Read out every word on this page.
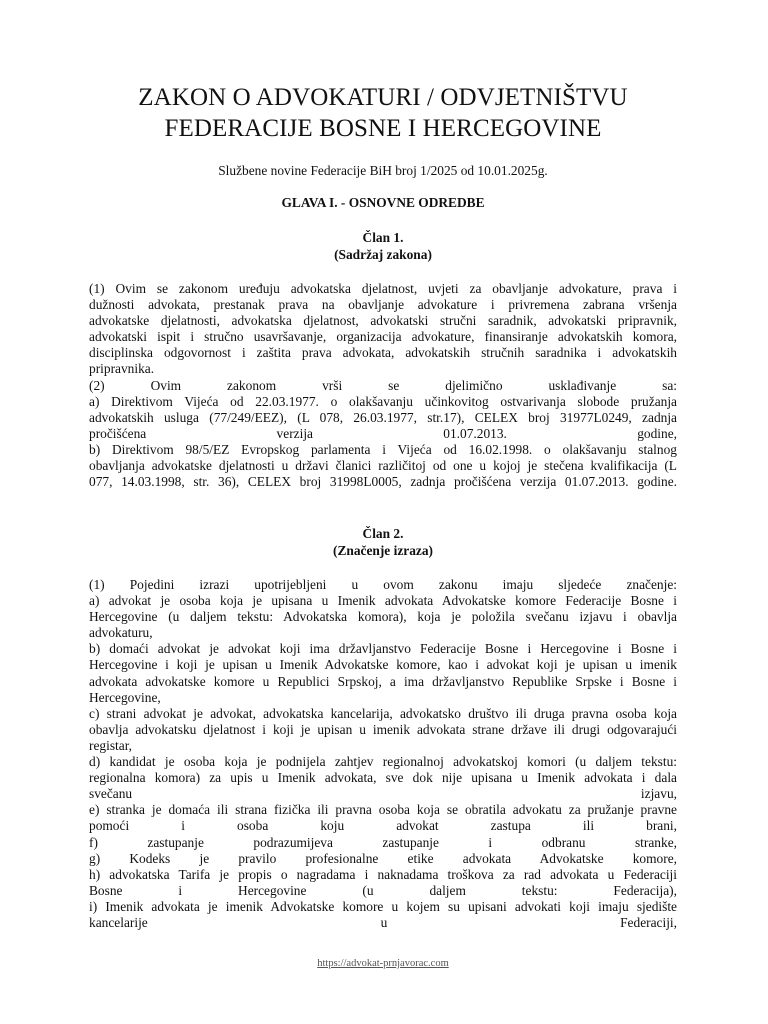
ZAKON O ADVOKATURI / ODVJETNIŠTVU
FEDERACIJE BOSNE I HERCEGOVINE
Službene novine Federacije BiH broj 1/2025 od 10.01.2025g.
GLAVA I. - OSNOVNE ODREDBE
Član 1.
(Sadržaj zakona)
(1) Ovim se zakonom uređuju advokatska djelatnost, uvjeti za obavljanje advokature, prava i
dužnosti advokata, prestanak prava na obavljanje advokature i privremena zabrana vršenja
advokatske djelatnosti, advokatska djelatnost, advokatski stručni saradnik, advokatski pripravnik,
advokatski ispit i stručno usavršavanje, organizacija advokature, finansiranje advokatskih komora,
disciplinska odgovornost i zaštita prava advokata, advokatskih stručnih saradnika i advokatskih
pripravnika.
(2) Ovim zakonom vrši se djelimično usklađivanje sa:
a) Direktivom Vijeća od 22.03.1977. o olakšavanju učinkovitog ostvarivanja slobode pružanja
advokatskih usluga (77/249/EEZ), (L 078, 26.03.1977, str.17), CELEX broj 31977L0249, zadnja
pročišćena verzija 01.07.2013. godine,
b) Direktivom 98/5/EZ Evropskog parlamenta i Vijeća od 16.02.1998. o olakšavanju stalnog
obavljanja advokatske djelatnosti u državi članici različitoj od one u kojoj je stečena kvalifikacija (L
077, 14.03.1998, str. 36), CELEX broj 31998L0005, zadnja pročišćena verzija 01.07.2013. godine.
Član 2.
(Značenje izraza)
(1) Pojedini izrazi upotrijebljeni u ovom zakonu imaju sljedeće značenje:
a) advokat je osoba koja je upisana u Imenik advokata Advokatske komore Federacije Bosne i
Hercegovine (u daljem tekstu: Advokatska komora), koja je položila svečanu izjavu i obavlja
advokaturu,
b) domaći advokat je advokat koji ima državljanstvo Federacije Bosne i Hercegovine i Bosne i
Hercegovine i koji je upisan u Imenik Advokatske komore, kao i advokat koji je upisan u imenik
advokata advokatske komore u Republici Srpskoj, a ima državljanstvo Republike Srpske i Bosne i
Hercegovine,
c) strani advokat je advokat, advokatska kancelarija, advokatsko društvo ili druga pravna osoba koja
obavlja advokatsku djelatnost i koji je upisan u imenik advokata strane države ili drugi odgovarajući
registar,
d) kandidat je osoba koja je podnijela zahtjev regionalnoj advokatskoj komori (u daljem tekstu:
regionalna komora) za upis u Imenik advokata, sve dok nije upisana u Imenik advokata i dala
svečanu izjavu,
e) stranka je domaća ili strana fizička ili pravna osoba koja se obratila advokatu za pružanje pravne
pomoći i osoba koju advokat zastupa ili brani,
f) zastupanje podrazumijeva zastupanje i odbranu stranke,
g) Kodeks je pravilo profesionalne etike advokata Advokatske komore,
h) advokatska Tarifa je propis o nagradama i naknadama troškova za rad advokata u Federaciji
Bosne i Hercegovine (u daljem tekstu: Federacija),
i) Imenik advokata je imenik Advokatske komore u kojem su upisani advokati koji imaju sjedište
kancelarije u Federaciji,
https://advokat-prnjavorac.com
